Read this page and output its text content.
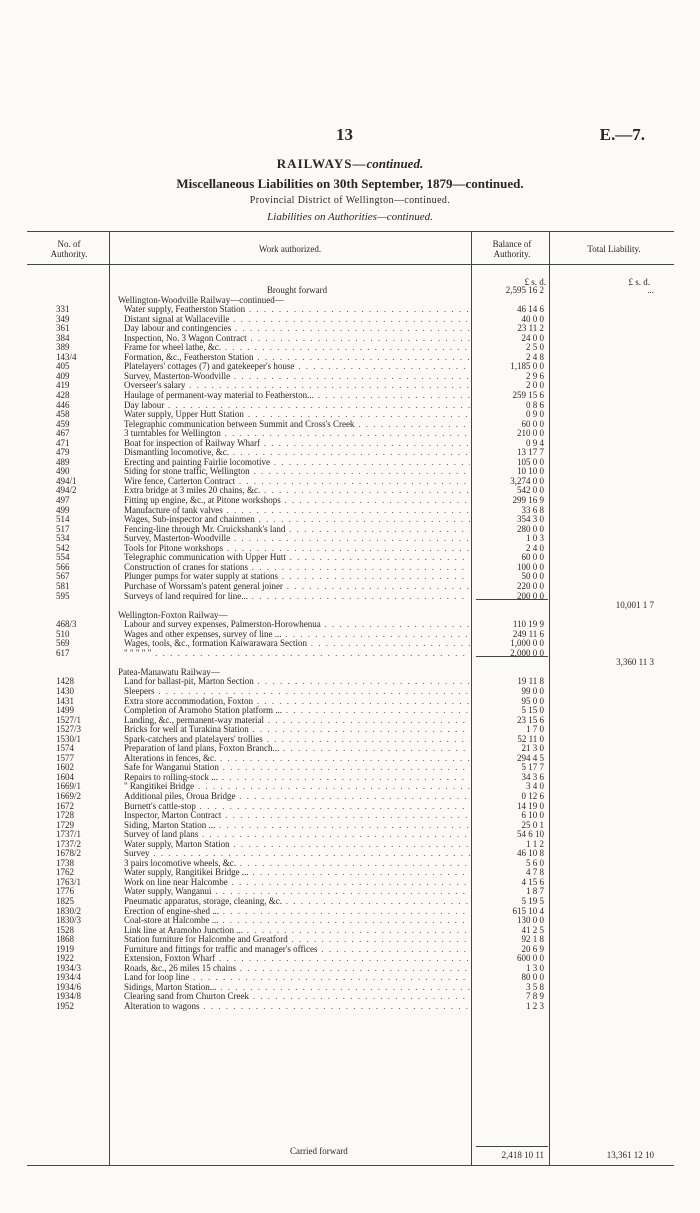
13	E.—7.
RAILWAYS—continued.
Miscellaneous Liabilities on 30th September, 1879—continued.
Provincial District of Wellington—continued.
Liabilities on Authorities—continued.
No. of Authority.	Work authorized.	Balance of Authority.	Total Liability.
£ s. d.	£ s. d.
Brought forward	2,595 16 2	...
Wellington-Woodville Railway—continued—
331	Water supply, Featherston Station . . .	46 14 6
349	Distant signal at Wallaceville . . .	40 0 0
361	Day labour and contingencies . . .	23 11 2
384	Inspection, No. 3 Wagon Contract . . .	24 0 0
389	Frame for wheel lathe, &c. . . .	2 5 0
143/4	Formation, &c., Featherston Station . . .	2 4 8
405	Platelayers' cottages (7) and gatekeeper's house . . .	1,185 0 0
409	Survey, Masterton-Woodville . . .	2 9 6
419	Overseer's salary . . .	2 0 0
428	Haulage of permanent-way material to Featherston... . . .	259 15 6
446	Day labour . . .	0 8 6
458	Water supply, Upper Hutt Station . . .	0 9 0
459	Telegraphic communication between Summit and Cross's Creek . . .	60 0 0
467	3 turntables for Wellington . . .	210 0 0
471	Boat for inspection of Railway Wharf . . .	0 9 4
479	Dismantling locomotive, &c. . . .	13 17 7
489	Erecting and painting Fairlie locomotive . . .	105 0 0
490	Siding for stone traffic, Wellington . . .	10 10 0
494/1	Wire fence, Carterton Contract . . .	3,274 0 0
494/2	Extra bridge at 3 miles 20 chains, &c. . . .	542 0 0
497	Fitting up engine, &c., at Pitone workshops . . .	299 16 9
499	Manufacture of tank valves . . .	33 6 8
514	Wages, Sub-inspector and chainmen . . .	354 3 0
517	Fencing-line through Mr. Cruickshank's land . . .	280 0 0
534	Survey, Masterton-Woodville . . .	1 0 3
542	Tools for Pitone workshops . . .	2 4 0
554	Telegraphic communication with Upper Hutt . . .	60 0 0
566	Construction of cranes for stations . . .	100 0 0
567	Plunger pumps for water supply at stations . . .	50 0 0
581	Purchase of Worssam's patent general joiner . . .	220 0 0
595	Surveys of land required for line... . . .	200 0 0
10,001 1 7
Wellington-Foxton Railway—
468/3	Labour and survey expenses, Palmerston-Horowhenua . . .	110 19 9
510	Wages and other expenses, survey of line ... . . .	249 11 6
569	Wages, tools, &c., formation Kaiwarawara Section . . .	1,000 0 0
617	" " " " " . . .	2,000 0 0
3,360 11 3
Patea-Manawatu Railway—
1428	Land for ballast-pit, Marton Section . . .	19 11 8
1430	Sleepers . . .	99 0 0
1431	Extra store accommodation, Foxton . . .	95 0 0
1499	Completion of Aramoho Station platform ... . . .	5 15 0
1527/1	Landing, &c., permanent-way material . . .	23 15 6
1527/3	Bricks for well at Turakina Station . . .	1 7 0
1530/1	Spark-catchers and platelayers' trollies . . .	52 11 0
1574	Preparation of land plans, Foxton Branch... . . .	21 3 0
1577	Alterations in fences, &c. . . .	294 4 5
1602	Safe for Wanganui Station . . .	5 17 7
1604	Repairs to rolling-stock ... . . .	34 3 6
1669/1	" Rangitikei Bridge . . .	3 4 0
1669/2	Additional piles, Oroua Bridge . . .	0 12 6
1672	Burnett's cattle-stop . . .	14 19 0
1728	Inspector, Marton Contract . . .	6 10 0
1729	Siding, Marton Station ... . . .	25 0 1
1737/1	Survey of land plans . . .	54 6 10
1737/2	Water supply, Marton Station . . .	1 1 2
1678/2	Survey . . .	46 10 8
1738	3 pairs locomotive wheels, &c. . . .	5 6 0
1762	Water supply, Rangitikei Bridge ... . . .	4 7 8
1763/1	Work on line near Halcombe . . .	4 15 6
1776	Water supply, Wanganui . . .	1 8 7
1825	Pneumatic apparatus, storage, cleaning, &c. . . .	5 19 5
1830/2	Erection of engine-shed ... . . .	615 10 4
1830/3	Coal-store at Halcombe ... . . .	130 0 0
1528	Link line at Aramoho Junction ... . . .	41 2 5
1868	Station furniture for Halcombe and Greatford . . .	92 1 8
1919	Furniture and fittings for traffic and manager's offices . . .	20 6 9
1922	Extension, Foxton Wharf . . .	600 0 0
1934/3	Roads, &c., 26 miles 15 chains . . .	1 3 0
1934/4	Land for loop line . . .	80 0 0
1934/6	Sidings, Marton Station... . . .	3 5 8
1934/8	Clearing sand from Churton Creek . . .	7 8 9
1952	Alteration to wagons . . .	1 2 3
Carried forward	2,418 10 11	13,361 12 10
